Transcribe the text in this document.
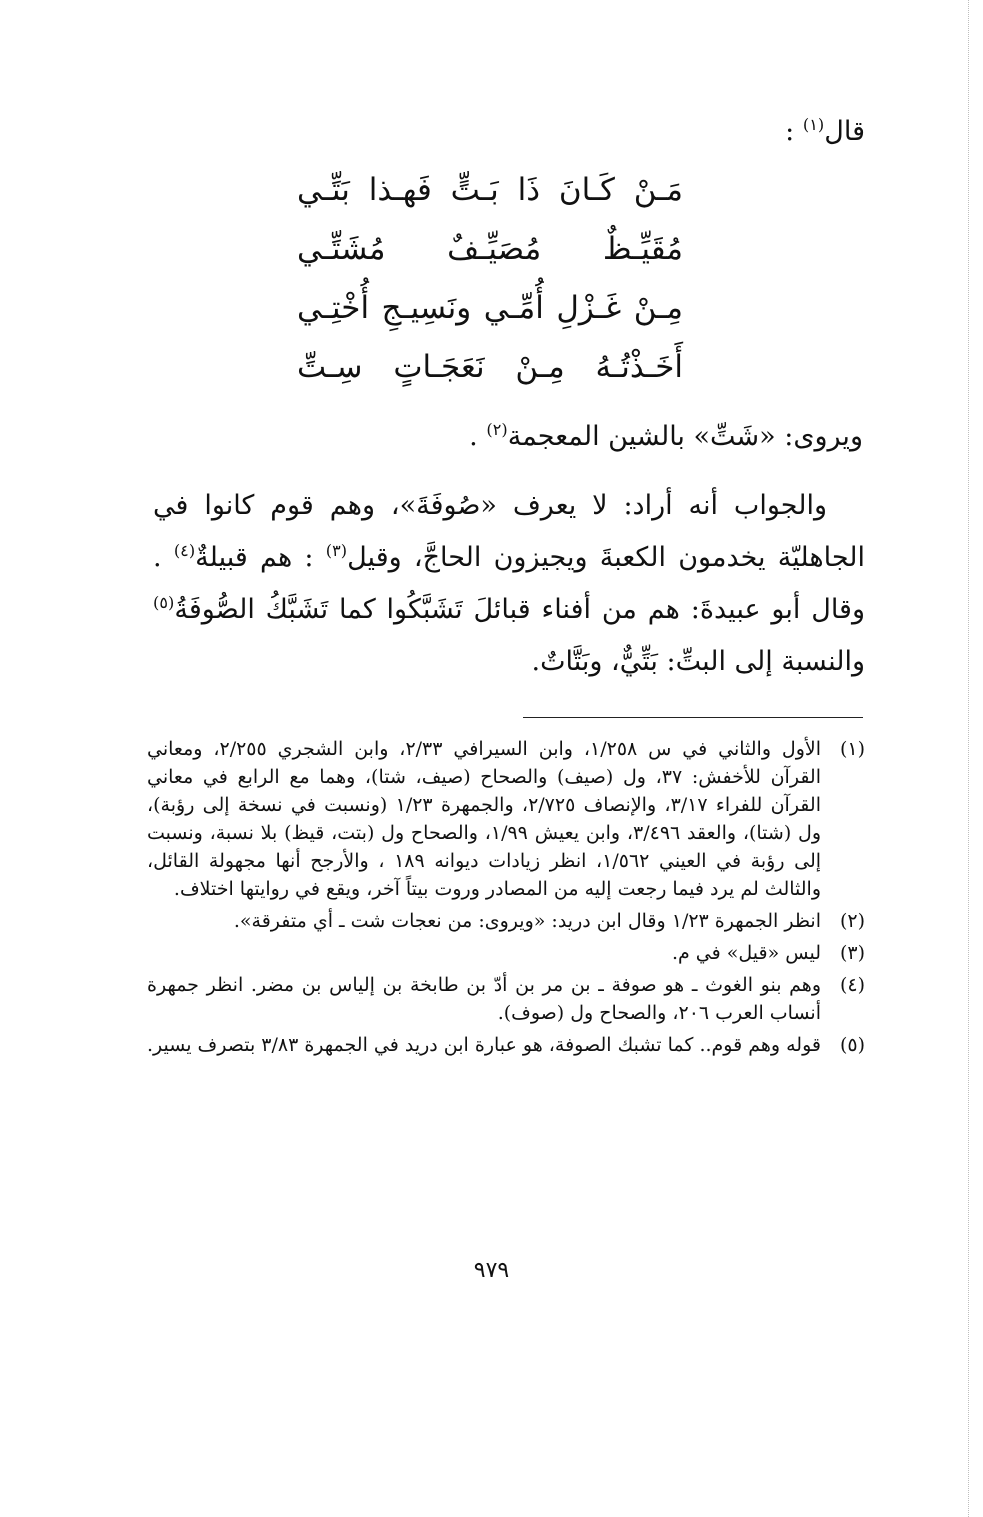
قال$^{(١)}$ :
مَـنْ كَـانَ ذَا بَـتٍّ فَهـذا بَتِّـي
مُقَيِّـظٌ مُصَيِّـفٌ مُشَتِّـي
مِـنْ غَـزْلِ أُمِّـي ونَسِيـجِ أُخْتِـي
أَخَـذْتُـهُ مِـنْ نَعَجَـاتٍ سِـتِّ
ويروى: «شَتِّ» بالشين المعجمة$^{(٢)}$ .
والجواب أنه أراد: لا يعرف «صُوفَةَ»، وهم قوم كانوا في الجاهليّة يخدمون الكعبةَ ويجيزون الحاجَّ، وقيل$^{(٣)}$ : هم قبيلةٌ$^{(٤)}$ . وقال أبو عبيدةَ: هم من أفناء قبائلَ تَشَبَّكُوا كما تَشَبَّكُ الصُّوفَةُ$^{(٥)}$ والنسبة إلى البتِّ: بَتِّيٌّ، وبَتَّاتٌ.
(١)
الأول والثاني في س ١/٢٥٨، وابن السيرافي ٢/٣٣، وابن الشجري ٢/٢٥٥، ومعاني القرآن للأخفش: ٣٧، ول (صيف) والصحاح (صيف، شتا)، وهما مع الرابع في معاني القرآن للفراء ٣/١٧، والإنصاف ٢/٧٢٥، والجمهرة ١/٢٣ (ونسبت في نسخة إلى رؤبة)، ول (شتا)، والعقد ٣/٤٩٦، وابن يعيش ١/٩٩، والصحاح ول (بتت، قيظ) بلا نسبة، ونسبت إلى رؤبة في العيني ١/٥٦٢، انظر زيادات ديوانه ١٨٩ ، والأرجح أنها مجهولة القائل، والثالث لم يرد فيما رجعت إليه من المصادر وروت بيتاً آخر، ويقع في روايتها اختلاف.
(٢)
انظر الجمهرة ١/٢٣ وقال ابن دريد: «ويروى: من نعجات شت ـ أي متفرقة».
(٣)
ليس «قيل» في م.
(٤)
وهم بنو الغوث ـ هو صوفة ـ بن مر بن أدّ بن طابخة بن إلياس بن مضر. انظر جمهرة أنساب العرب ٢٠٦، والصحاح ول (صوف).
(٥)
قوله وهم قوم.. كما تشبك الصوفة، هو عبارة ابن دريد في الجمهرة ٣/٨٣ بتصرف يسير.
٩٧٩
